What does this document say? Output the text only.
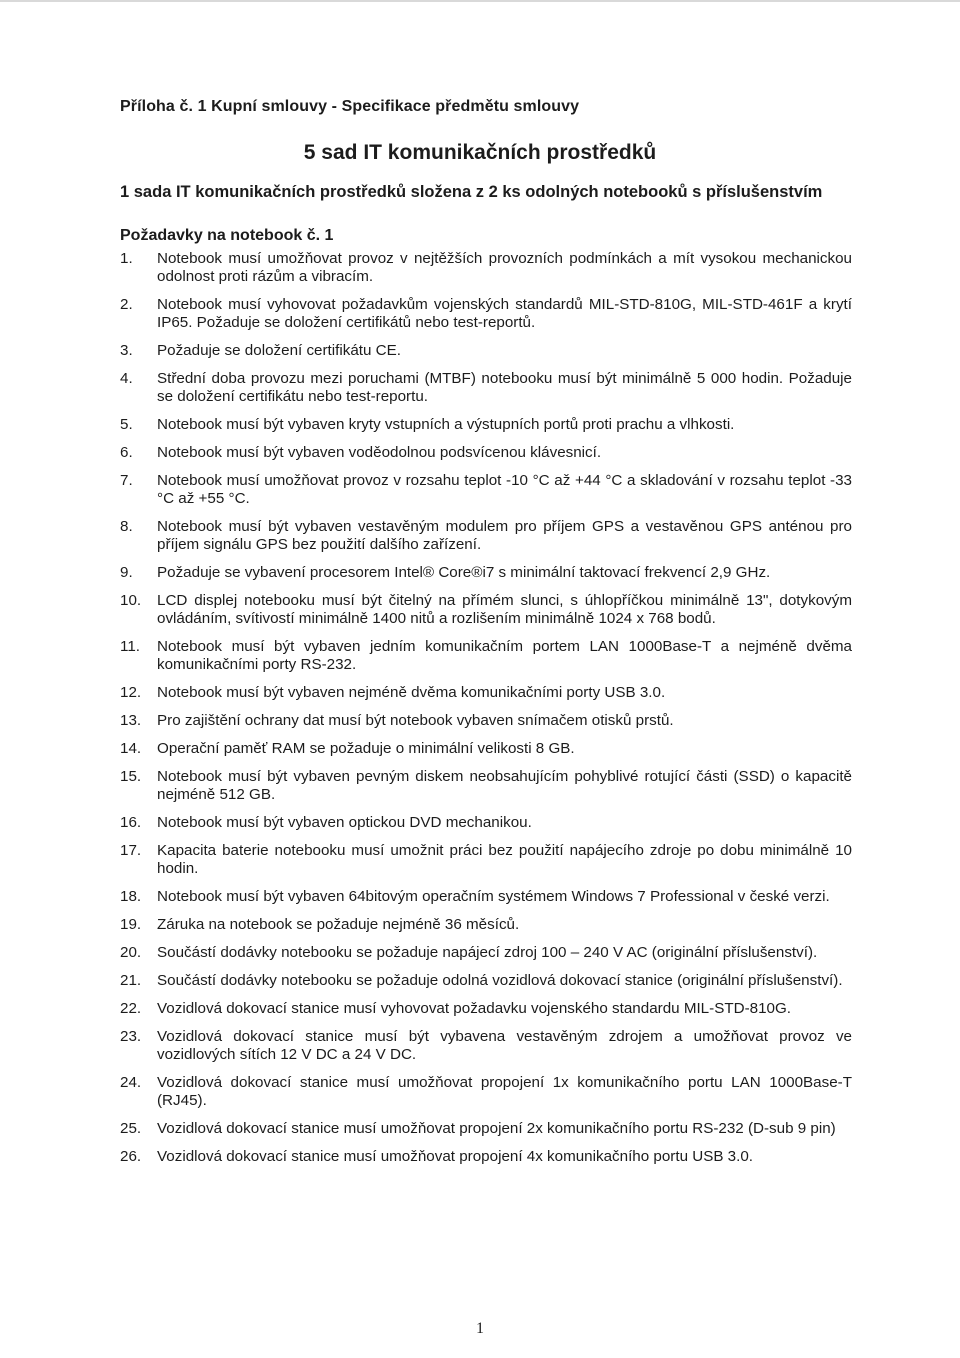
Příloha č. 1 Kupní smlouvy - Specifikace předmětu smlouvy
5 sad IT komunikačních prostředků
1 sada IT komunikačních prostředků složena z 2 ks odolných notebooků s příslušenstvím
Požadavky na notebook č. 1
1.	Notebook musí umožňovat provoz v nejtěžších provozních podmínkách a mít vysokou mechanickou odolnost proti rázům a vibracím.
2.	Notebook musí vyhovovat požadavkům vojenských standardů MIL-STD-810G, MIL-STD-461F a krytí IP65. Požaduje se doložení certifikátů nebo test-reportů.
3.	Požaduje se doložení certifikátu CE.
4.	Střední doba provozu mezi poruchami (MTBF) notebooku musí být minimálně 5 000 hodin. Požaduje se doložení certifikátu nebo test-reportu.
5.	Notebook musí být vybaven kryty vstupních a výstupních portů proti prachu a vlhkosti.
6.	Notebook musí být vybaven voděodolnou podsvícenou klávesnicí.
7.	Notebook musí umožňovat provoz v rozsahu teplot -10 °C až +44 °C a skladování v rozsahu teplot -33 °C až +55 °C.
8.	Notebook musí být vybaven vestavěným modulem pro příjem GPS a vestavěnou GPS anténou pro příjem signálu GPS bez použití dalšího zařízení.
9.	Požaduje se vybavení procesorem Intel® Core®i7 s minimální taktovací frekvencí 2,9 GHz.
10.	LCD displej notebooku musí být čitelný na přímém slunci, s úhlopříčkou minimálně 13", dotykovým ovládáním, svítivostí minimálně 1400 nitů a rozlišením minimálně 1024 x 768 bodů.
11.	Notebook musí být vybaven jedním komunikačním portem LAN 1000Base-T a nejméně dvěma komunikačními porty RS-232.
12.	Notebook musí být vybaven nejméně dvěma komunikačními porty USB 3.0.
13.	Pro zajištění ochrany dat musí být notebook vybaven snímačem otisků prstů.
14.	Operační paměť RAM se požaduje o minimální velikosti 8 GB.
15.	Notebook musí být vybaven pevným diskem neobsahujícím pohyblivé rotující části (SSD) o kapacitě nejméně 512 GB.
16.	Notebook musí být vybaven optickou DVD mechanikou.
17.	Kapacita baterie notebooku musí umožnit práci bez použití napájecího zdroje po dobu minimálně 10 hodin.
18.	Notebook musí být vybaven 64bitovým operačním systémem Windows 7 Professional v české verzi.
19.	Záruka na notebook se požaduje nejméně 36 měsíců.
20.	Součástí dodávky notebooku se požaduje napájecí zdroj 100 – 240 V AC (originální příslušenství).
21.	Součástí dodávky notebooku se požaduje odolná vozidlová dokovací stanice (originální příslušenství).
22.	Vozidlová dokovací stanice musí vyhovovat požadavku vojenského standardu MIL-STD-810G.
23.	Vozidlová dokovací stanice musí být vybavena vestavěným zdrojem a umožňovat provoz ve vozidlových sítích 12 V DC a 24 V DC.
24.	Vozidlová dokovací stanice musí umožňovat propojení 1x komunikačního portu LAN 1000Base-T (RJ45).
25.	Vozidlová dokovací stanice musí umožňovat propojení 2x komunikačního portu RS-232 (D-sub 9 pin)
26.	Vozidlová dokovací stanice musí umožňovat propojení 4x komunikačního portu USB 3.0.
1
